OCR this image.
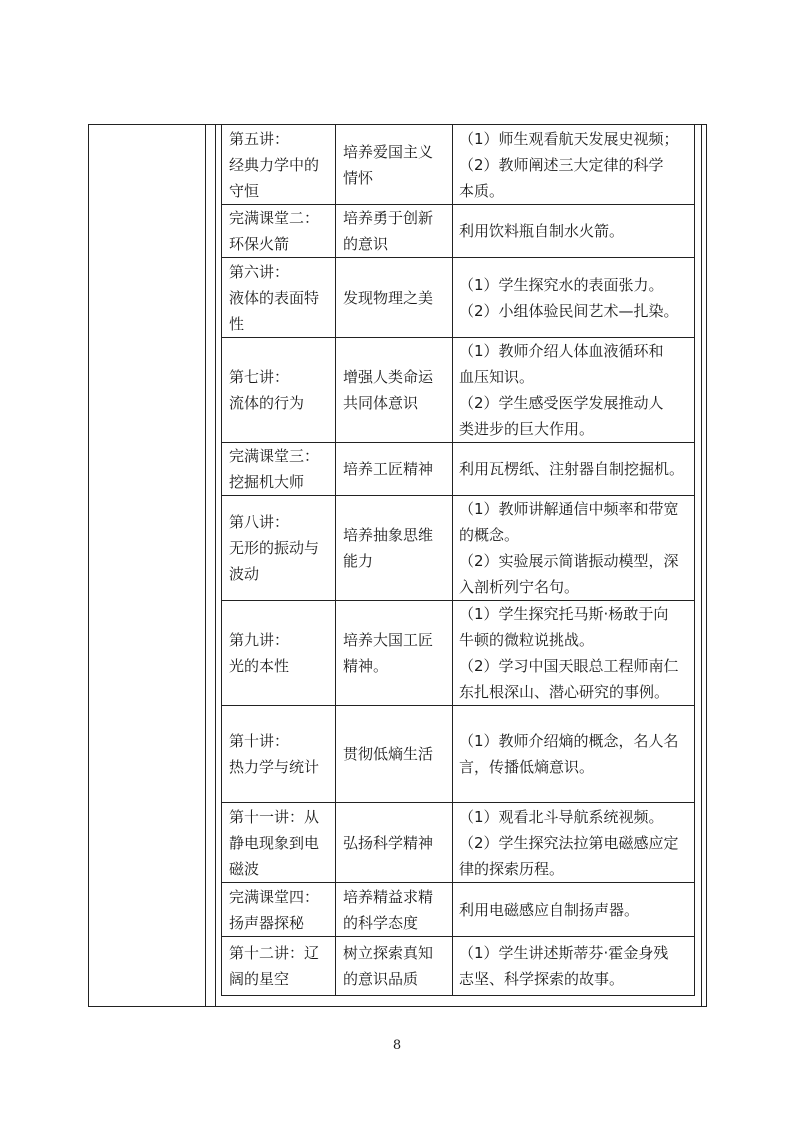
第五讲：
经典力学中的
守恒	培养爱国主义
情怀	（1）师生观看航天发展史视频；
（2）教师阐述三大定律的科学
本质。

完满课堂二：
环保火箭	培养勇于创新
的意识	利用饮料瓶自制水火箭。

第六讲：
液体的表面特
性	发现物理之美	（1）学生探究水的表面张力。
（2）小组体验民间艺术—扎染。

第七讲：
流体的行为	增强人类命运
共同体意识	（1）教师介绍人体血液循环和
血压知识。
（2）学生感受医学发展推动人
类进步的巨大作用。

完满课堂三：
挖掘机大师	培养工匠精神	利用瓦楞纸、注射器自制挖掘机。

第八讲：
无形的振动与
波动	培养抽象思维
能力	（1）教师讲解通信中频率和带宽
的概念。
（2）实验展示简谐振动模型，深
入剖析列宁名句。

第九讲：
光的本性	培养大国工匠
精神。	（1）学生探究托马斯·杨敢于向
牛顿的微粒说挑战。
（2）学习中国天眼总工程师南仁
东扎根深山、潜心研究的事例。

第十讲：
热力学与统计	贯彻低熵生活	（1）教师介绍熵的概念，名人名
言，传播低熵意识。

第十一讲：从
静电现象到电
磁波	弘扬科学精神	（1）观看北斗导航系统视频。
（2）学生探究法拉第电磁感应定
律的探索历程。

完满课堂四：
扬声器探秘	培养精益求精
的科学态度	利用电磁感应自制扬声器。

第十二讲：辽
阔的星空	树立探索真知
的意识品质	（1）学生讲述斯蒂芬·霍金身残
志坚、科学探索的故事。
8
